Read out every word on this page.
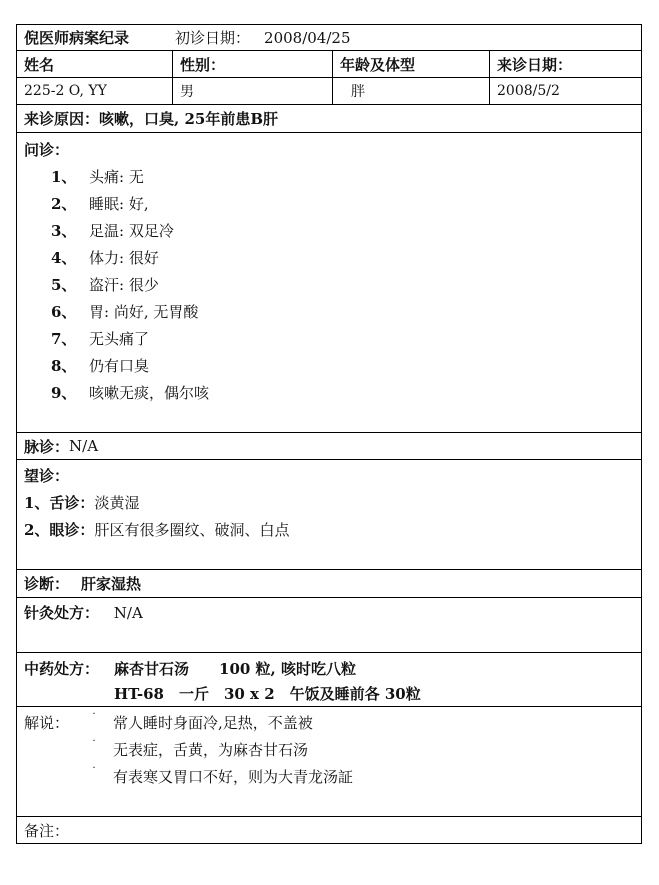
倪医师病案纪录	初诊日期： 2008/04/25
姓名	性别：	年龄及体型	来诊日期：
225-2 O, YY	男	胖	2008/5/2
来诊原因： 咳嗽，口臭, 25年前患B肝
问诊：
1、 头痛: 无
2、 睡眠: 好,
3、 足温: 双足冷
4、 体力: 很好
5、 盗汗: 很少
6、 胃: 尚好, 无胃酸
7、 无头痛了
8、 仍有口臭
9、 咳嗽无痰，偶尔咳
脉诊： N/A
望诊：
1、舌诊：淡黄湿
2、眼诊：肝区有很多圈纹、破洞、白点
诊断： 肝家湿热
针灸处方： N/A
中药处方： 麻杏甘石汤　　100 粒, 咳时吃八粒
HT-68　一斤　30 x 2　午饭及睡前各 30粒
解说： ˙ 常人睡时身面冷,足热，不盖被
˙ 无表症，舌黄，为麻杏甘石汤
˙ 有表寒又胃口不好，则为大青龙汤証
备注：
